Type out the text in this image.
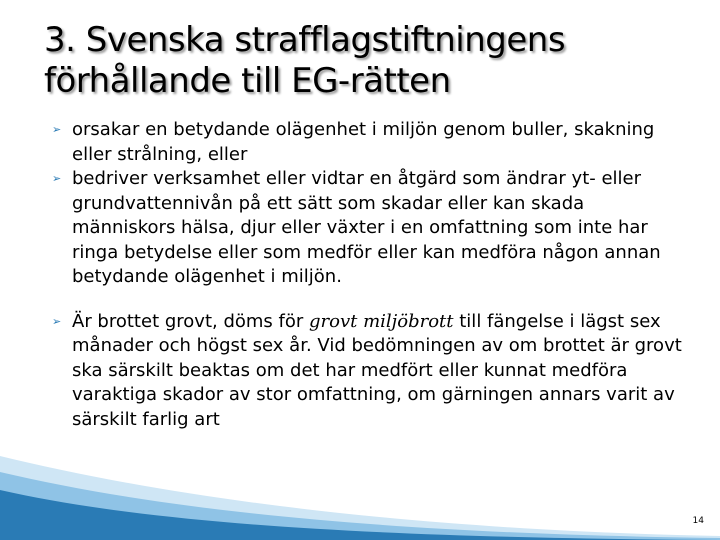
3. Svenska strafflagstiftningens
förhållande till EG-rätten
➢ orsakar en betydande olägenhet i miljön genom buller, skakning eller strålning, eller
➢ bedriver verksamhet eller vidtar en åtgärd som ändrar yt- eller grundvattennivån på ett sätt som skadar eller kan skada människors hälsa, djur eller växter i en omfattning som inte har ringa betydelse eller som medför eller kan medföra någon annan betydande olägenhet i miljön.
➢ Är brottet grovt, döms för grovt miljöbrott till fängelse i lägst sex månader och högst sex år. Vid bedömningen av om brottet är grovt ska särskilt beaktas om det har medfört eller kunnat medföra varaktiga skador av stor omfattning, om gärningen annars varit av särskilt farlig art
14
